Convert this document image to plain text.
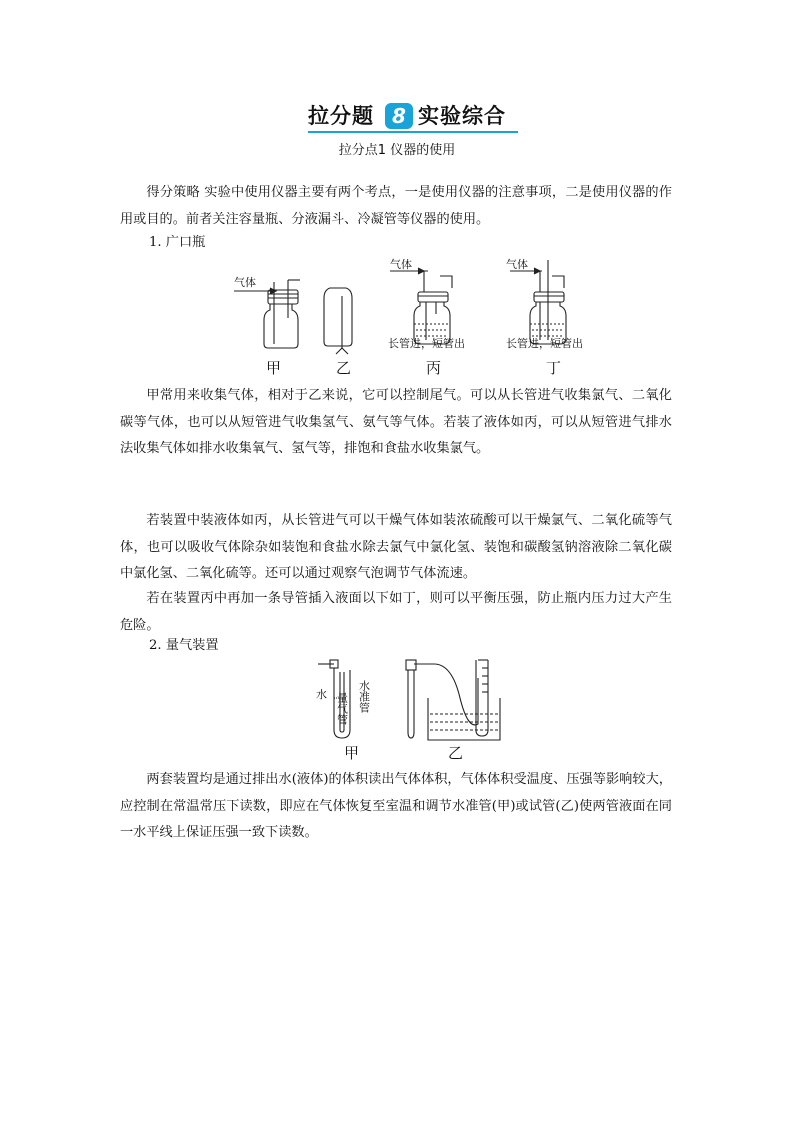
拉分题 8 实验综合
拉分点1 仪器的使用

得分策略 实验中使用仪器主要有两个考点，一是使用仪器的注意事项，二是使用仪器的作用或目的。前者关注容量瓶、分液漏斗、冷凝管等仪器的使用。

1. 广口瓶
气体
气体	气体
长管进，短管出	长管进，短管出
甲	乙	丙	丁

甲常用来收集气体，相对于乙来说，它可以控制尾气。可以从长管进气收集氯气、二氧化碳等气体，也可以从短管进气收集氢气、氨气等气体。若装了液体如丙，可以从短管进气排水法收集气体如排水收集氧气、氢气等，排饱和食盐水收集氯气。

若装置中装液体如丙，从长管进气可以干燥气体如装浓硫酸可以干燥氯气、二氧化硫等气体，也可以吸收气体除杂如装饱和食盐水除去氯气中氯化氢、装饱和碳酸氢钠溶液除二氧化碳中氯化氢、二氧化硫等。还可以通过观察气泡调节气体流速。

若在装置丙中再加一条导管插入液面以下如丁，则可以平衡压强，防止瓶内压力过大产生危险。

2. 量气装置
水 量气管 水准管
甲	乙

两套装置均是通过排出水(液体)的体积读出气体体积，气体体积受温度、压强等影响较大，应控制在常温常压下读数，即应在气体恢复至室温和调节水准管(甲)或试管(乙)使两管液面在同一水平线上保证压强一致下读数。
